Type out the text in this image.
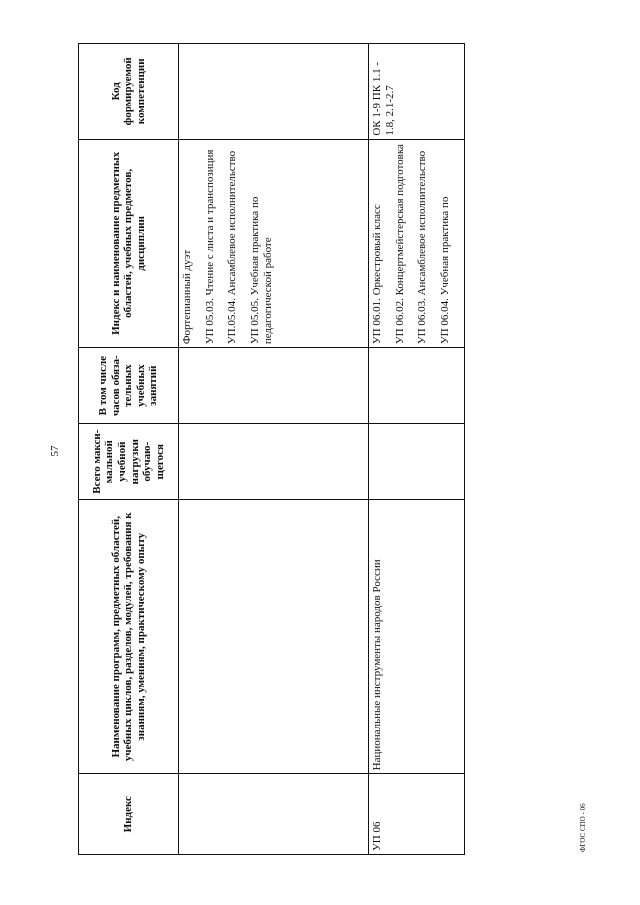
57
Индекс	Наименование программ, предметных областей, учебных циклов, разделов, модулей, требования к знаниям, умениям, практическому опыту	Всего макси-мальной учебной нагрузки обучаю-щегося	В том числе часов обяза-тельных учебных занятий	Индекс и наименование предметных областей, учебных предметов, дисциплин	Код формируемой компетенции

				Фортепианный дуэт УП 05.03. Чтение с листа и транспозиция УП.05.04. Ансамблевое исполнительство УП 05.05. Учебная практика по педагогической работе	

УП 06	Национальные инструменты народов России			УП 06.01. Оркестровый класс УП 06.02. Концертмейстерская подготовка УП 06.03. Ансамблевое исполнительство УП 06.04. Учебная практика по	ОК 1-9 ПК 1.1 - 1.8, 2.1-2.7
ФГОС СПО - 06
